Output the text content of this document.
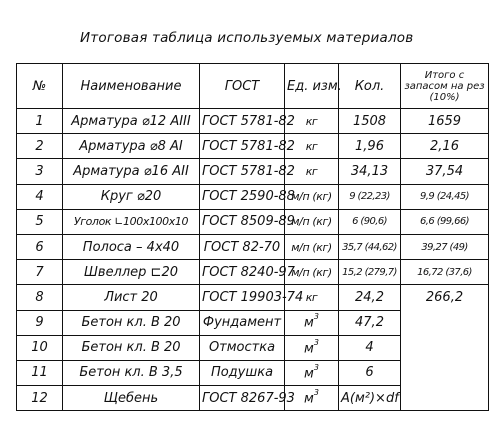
Итоговая таблица используемых материалов
№	Наименование	ГОСТ	Ед. изм.	Кол.	Итого с запасом на рез (10%)
1	Арматура ⌀12 AIII	ГОСТ 5781-82	кг	1508	1659
2	Арматура ⌀8 AI	ГОСТ 5781-82	кг	1,96	2,16
3	Арматура ⌀16 AII	ГОСТ 5781-82	кг	34,13	37,54
4	Круг ⌀20	ГОСТ 2590-88	м/п (кг)	9 (22,23)	9,9 (24,45)
5	Уголок ∟100х100х10	ГОСТ 8509-89	м/п (кг)	6 (90,6)	6,6 (99,66)
6	Полоса – 4х40	ГОСТ 82-70	м/п (кг)	35,7 (44,62)	39,27 (49)
7	Швеллер ⊏20	ГОСТ 8240-97	м/п (кг)	15,2 (279,7)	16,72 (37,6)
8	Лист 20	ГОСТ 19903-74	кг	24,2	266,2
9	Бетон кл. В 20	Фундамент	$м^3$	47,2	
10	Бетон кл. В 20	Отмостка	$м^3$	4	
11	Бетон кл. В 3,5	Подушка	$м^3$	6	
12	Щебень	ГОСТ 8267-93	$м^3$	A(м²)×df	
